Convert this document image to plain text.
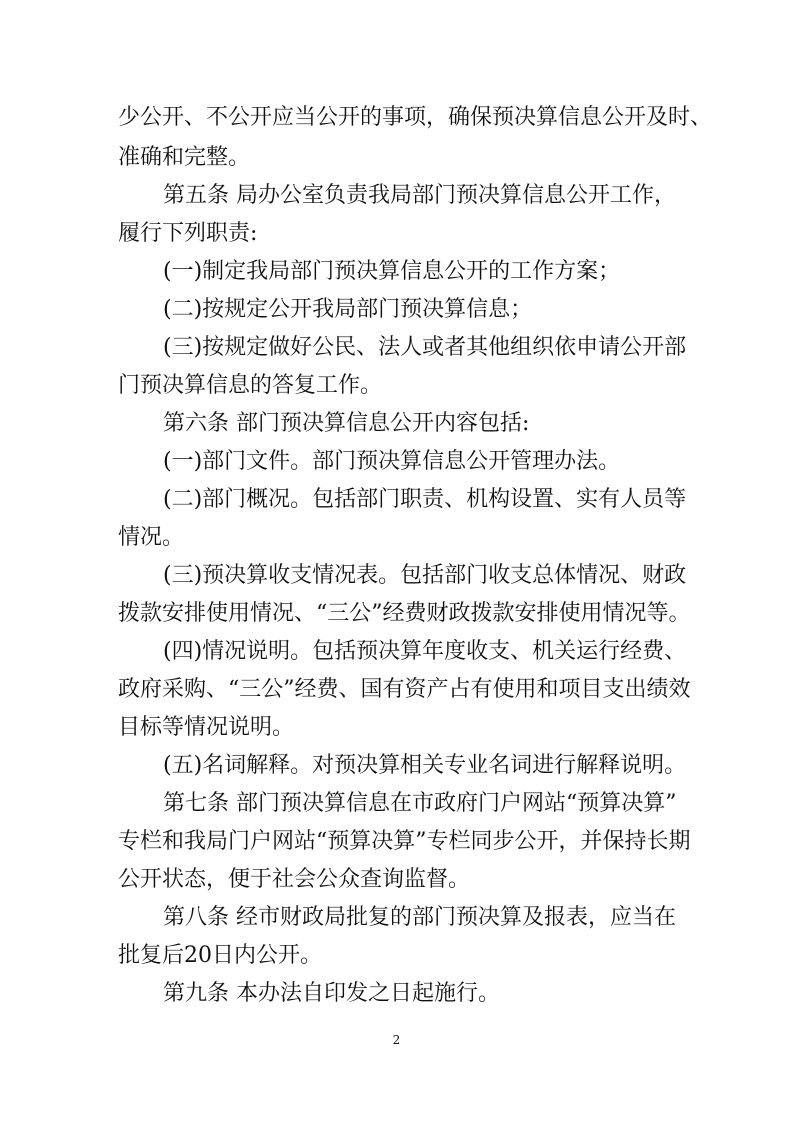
少公开、不公开应当公开的事项，确保预决算信息公开及时、

准确和完整。

第五条 局办公室负责我局部门预决算信息公开工作，

履行下列职责:

(一)制定我局部门预决算信息公开的工作方案；

(二)按规定公开我局部门预决算信息；

(三)按规定做好公民、法人或者其他组织依申请公开部

门预决算信息的答复工作。

第六条 部门预决算信息公开内容包括:

(一)部门文件。部门预决算信息公开管理办法。

(二)部门概况。包括部门职责、机构设置、实有人员等

情况。

(三)预决算收支情况表。包括部门收支总体情况、财政

拨款安排使用情况、“三公”经费财政拨款安排使用情况等。

(四)情况说明。包括预决算年度收支、机关运行经费、

政府采购、“三公”经费、国有资产占有使用和项目支出绩效

目标等情况说明。

(五)名词解释。对预决算相关专业名词进行解释说明。

第七条 部门预决算信息在市政府门户网站“预算决算”

专栏和我局门户网站“预算决算”专栏同步公开，并保持长期

公开状态，便于社会公众查询监督。

第八条 经市财政局批复的部门预决算及报表，应当在

批复后20日内公开。

第九条 本办法自印发之日起施行。

2
